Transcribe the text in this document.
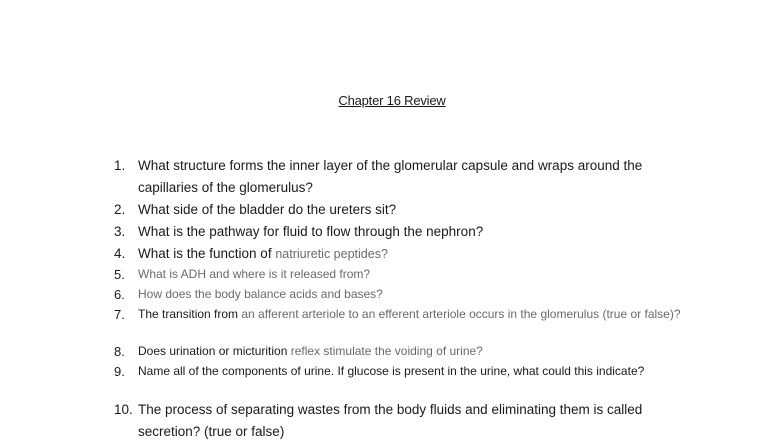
Chapter 16 Review
1. What structure forms the inner layer of the glomerular capsule and wraps around the capillaries of the glomerulus?
2. What side of the bladder do the ureters sit?
3. What is the pathway for fluid to flow through the nephron?
4. What is the function of natriuretic peptides?
5.	What is ADH and where is it released from?
6.	How does the body balance acids and bases?
7.	The transition from an afferent arteriole to an efferent arteriole occurs in the glomerulus (true or false)?
8.	Does urination or micturition reflex stimulate the voiding of urine?
9.	Name all of the components of urine. If glucose is present in the urine, what could this indicate?
10. The process of separating wastes from the body fluids and eliminating them is called secretion? (true or false)
